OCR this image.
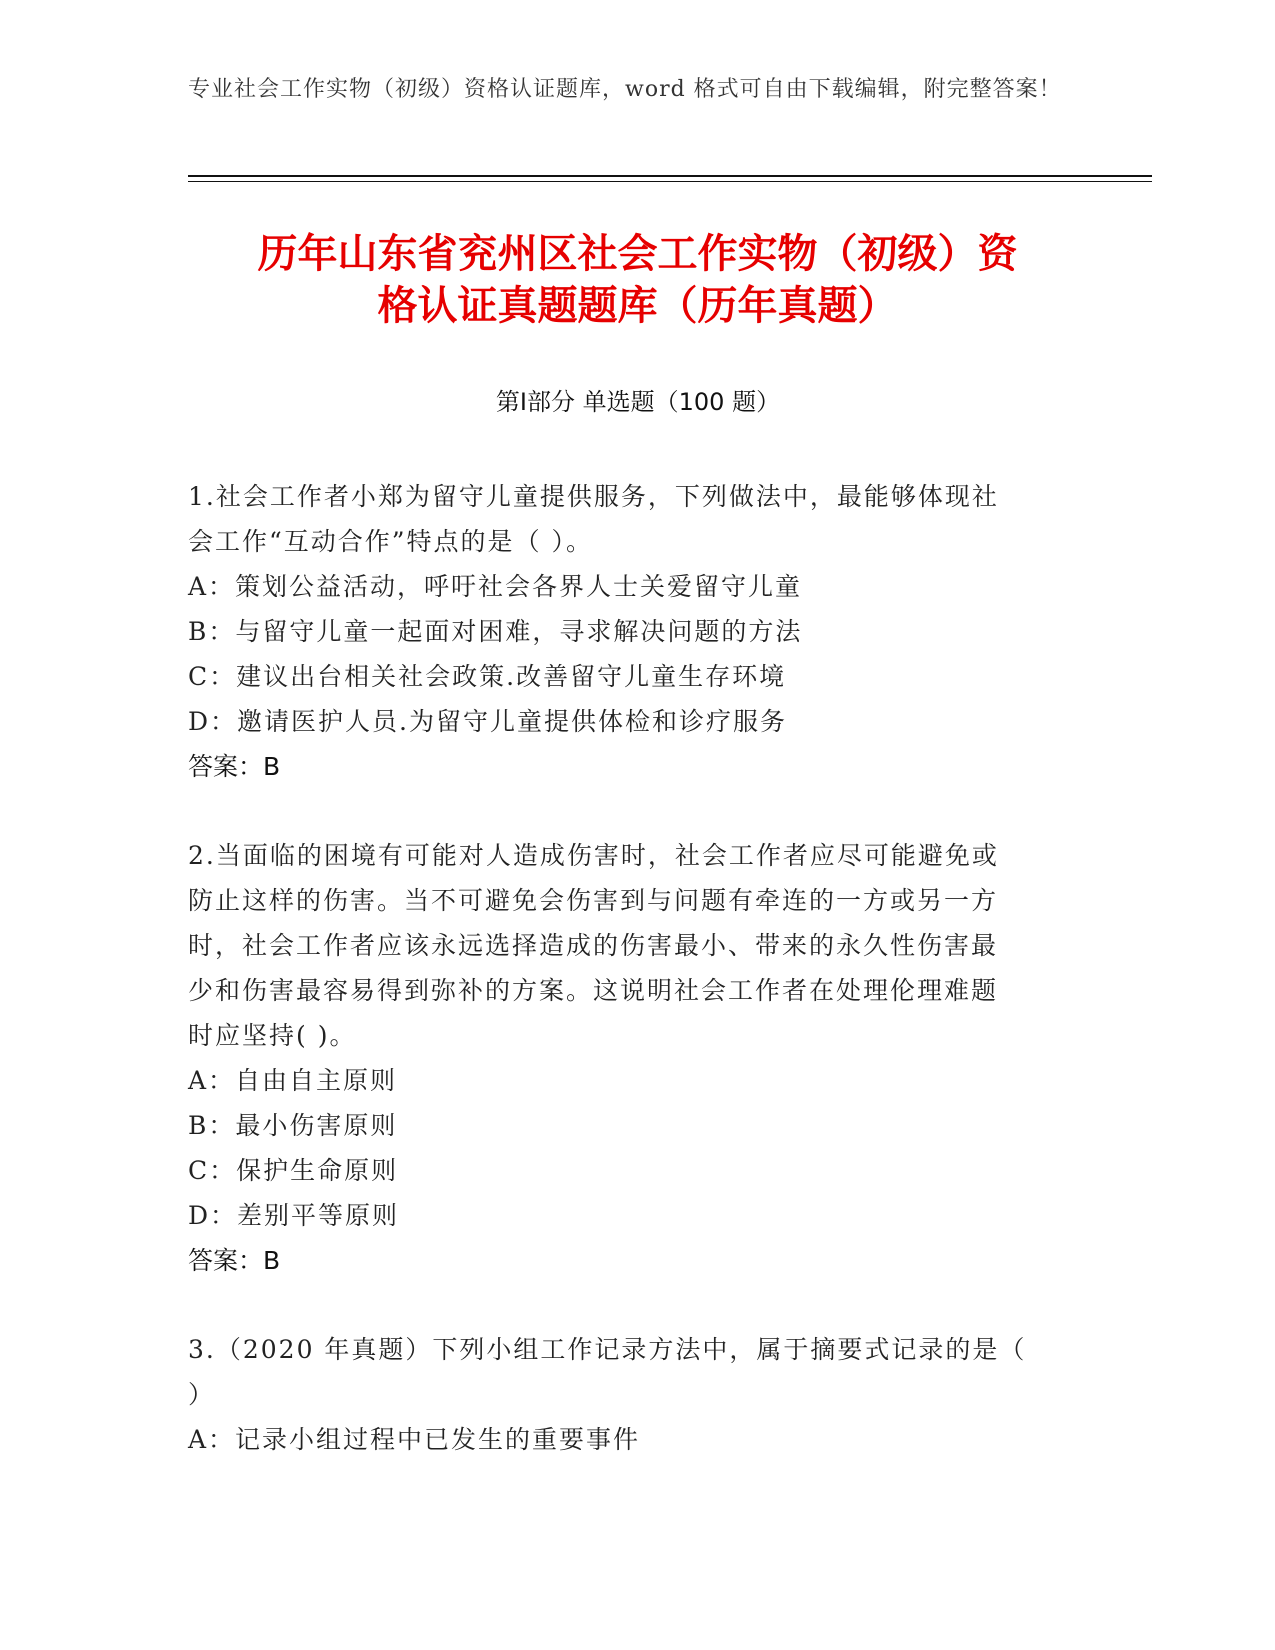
专业社会工作实物（初级）资格认证题库，word 格式可自由下载编辑，附完整答案！
历年山东省兖州区社会工作实物（初级）资
格认证真题题库（历年真题）
第Ⅰ部分 单选题（100 题）
1.社会工作者小郑为留守儿童提供服务，下列做法中，最能够体现社
会工作“互动合作”特点的是（ ）。
A：策划公益活动，呼吁社会各界人士关爱留守儿童
B：与留守儿童一起面对困难，寻求解决问题的方法
C：建议出台相关社会政策.改善留守儿童生存环境
D：邀请医护人员.为留守儿童提供体检和诊疗服务
答案：B
2.当面临的困境有可能对人造成伤害时，社会工作者应尽可能避免或
防止这样的伤害。当不可避免会伤害到与问题有牵连的一方或另一方
时，社会工作者应该永远选择造成的伤害最小、带来的永久性伤害最
少和伤害最容易得到弥补的方案。这说明社会工作者在处理伦理难题
时应坚持( )。
A：自由自主原则
B：最小伤害原则
C：保护生命原则
D：差别平等原则
答案：B
3.（2020 年真题）下列小组工作记录方法中，属于摘要式记录的是（
）
A：记录小组过程中已发生的重要事件
